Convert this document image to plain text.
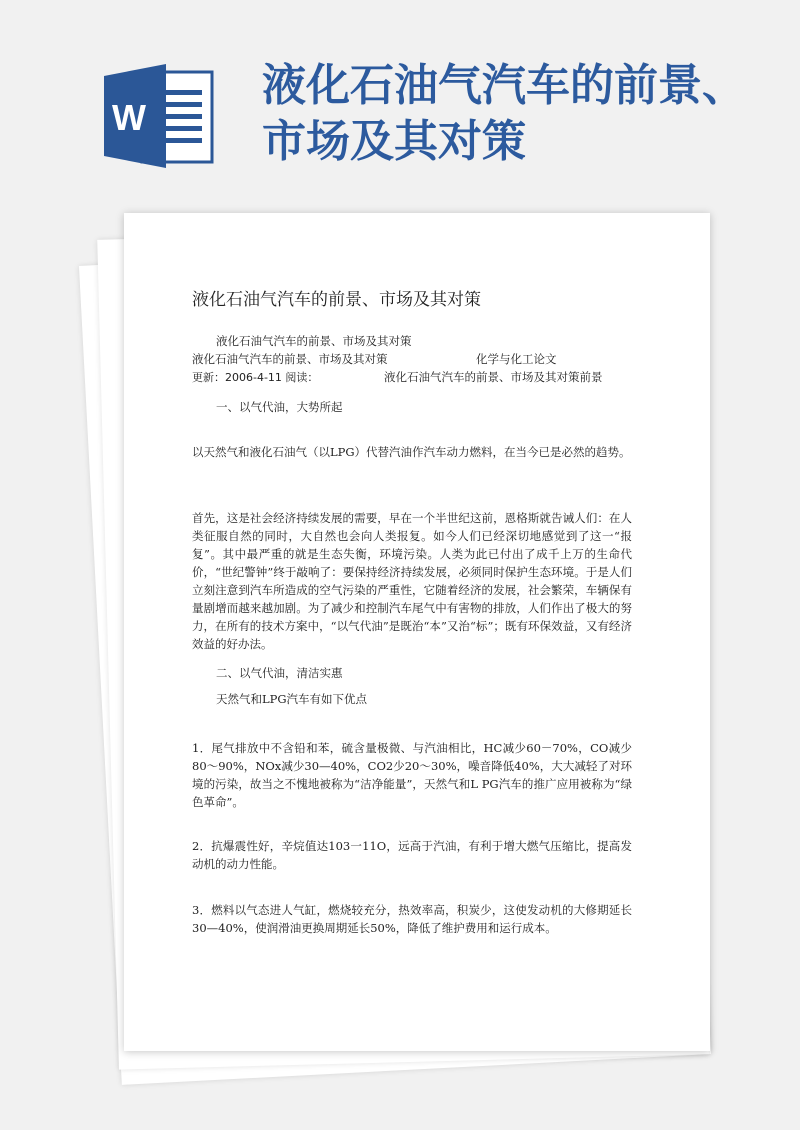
W
液化石油气汽车的前景、市场及其对策
液化石油气汽车的前景、市场及其对策
液化石油气汽车的前景、市场及其对策
液化石油气汽车的前景、市场及其对策	化学与化工论文
更新：2006-4-11 阅读：	液化石油气汽车的前景、市场及其对策前景
一、以气代油，大势所起
以天然气和液化石油气（以LPG）代替汽油作汽车动力燃料，在当今已是必然的趋势。
首先，这是社会经济持续发展的需要，早在一个半世纪这前，恩格斯就告诫人们：在人类征服自然的同时，大自然也会向人类报复。如今人们已经深切地感觉到了这一“报复”。其中最严重的就是生态失衡，环境污染。人类为此已付出了成千上万的生命代价，“世纪警钟”终于敲响了：要保持经济持续发展，必须同时保护生态环境。于是人们立刻注意到汽车所造成的空气污染的严重性，它随着经济的发展，社会繁荣，车辆保有量剧增而越来越加剧。为了减少和控制汽车尾气中有害物的排放，人们作出了极大的努力，在所有的技术方案中，“以气代油”是既治“本”又治“标”；既有环保效益，又有经济效益的好办法。
二、以气代油，清洁实惠
天然气和LPG汽车有如下优点
1．尾气排放中不含铅和苯，硫含量极微、与汽油相比，HC减少60－70%，CO减少80～90%，NOx减少30—40%，CO2少20～30%，噪音降低40%，大大减轻了对环境的污染，故当之不愧地被称为“洁净能量”，天然气和L PG汽车的推广应用被称为“绿色革命”。
2．抗爆震性好，辛烷值达103一11O，远高于汽油，有利于增大燃气压缩比，提高发动机的动力性能。
3．燃料以气态进人气缸，燃烧较充分，热效率高，积炭少，这使发动机的大修期延长30—40%，使润滑油更换周期延长50%，降低了维护费用和运行成本。
